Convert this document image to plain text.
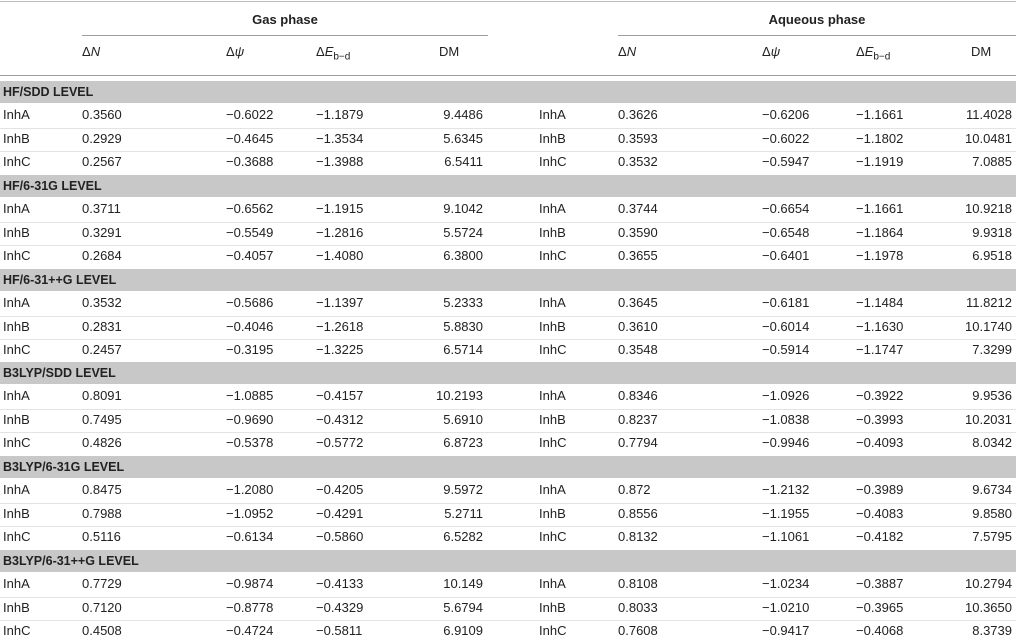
Gas phase	Aqueous phase
ΔN	Δψ	$\Delta E_{b-d}$	DM	ΔN	Δψ	$\Delta E_{b-d}$	DM
HF/SDD LEVEL
InhA	0.3560	−0.6022	−1.1879	9.4486	InhA	0.3626	−0.6206	−1.1661	11.4028
InhB	0.2929	−0.4645	−1.3534	5.6345	InhB	0.3593	−0.6022	−1.1802	10.0481
InhC	0.2567	−0.3688	−1.3988	6.5411	InhC	0.3532	−0.5947	−1.1919	7.0885
HF/6-31G LEVEL
InhA	0.3711	−0.6562	−1.1915	9.1042	InhA	0.3744	−0.6654	−1.1661	10.9218
InhB	0.3291	−0.5549	−1.2816	5.5724	InhB	0.3590	−0.6548	−1.1864	9.9318
InhC	0.2684	−0.4057	−1.4080	6.3800	InhC	0.3655	−0.6401	−1.1978	6.9518
HF/6-31++G LEVEL
InhA	0.3532	−0.5686	−1.1397	5.2333	InhA	0.3645	−0.6181	−1.1484	11.8212
InhB	0.2831	−0.4046	−1.2618	5.8830	InhB	0.3610	−0.6014	−1.1630	10.1740
InhC	0.2457	−0.3195	−1.3225	6.5714	InhC	0.3548	−0.5914	−1.1747	7.3299
B3LYP/SDD LEVEL
InhA	0.8091	−1.0885	−0.4157	10.2193	InhA	0.8346	−1.0926	−0.3922	9.9536
InhB	0.7495	−0.9690	−0.4312	5.6910	InhB	0.8237	−1.0838	−0.3993	10.2031
InhC	0.4826	−0.5378	−0.5772	6.8723	InhC	0.7794	−0.9946	−0.4093	8.0342
B3LYP/6-31G LEVEL
InhA	0.8475	−1.2080	−0.4205	9.5972	InhA	0.872	−1.2132	−0.3989	9.6734
InhB	0.7988	−1.0952	−0.4291	5.2711	InhB	0.8556	−1.1955	−0.4083	9.8580
InhC	0.5116	−0.6134	−0.5860	6.5282	InhC	0.8132	−1.1061	−0.4182	7.5795
B3LYP/6-31++G LEVEL
InhA	0.7729	−0.9874	−0.4133	10.149	InhA	0.8108	−1.0234	−0.3887	10.2794
InhB	0.7120	−0.8778	−0.4329	5.6794	InhB	0.8033	−1.0210	−0.3965	10.3650
InhC	0.4508	−0.4724	−0.5811	6.9109	InhC	0.7608	−0.9417	−0.4068	8.3739
